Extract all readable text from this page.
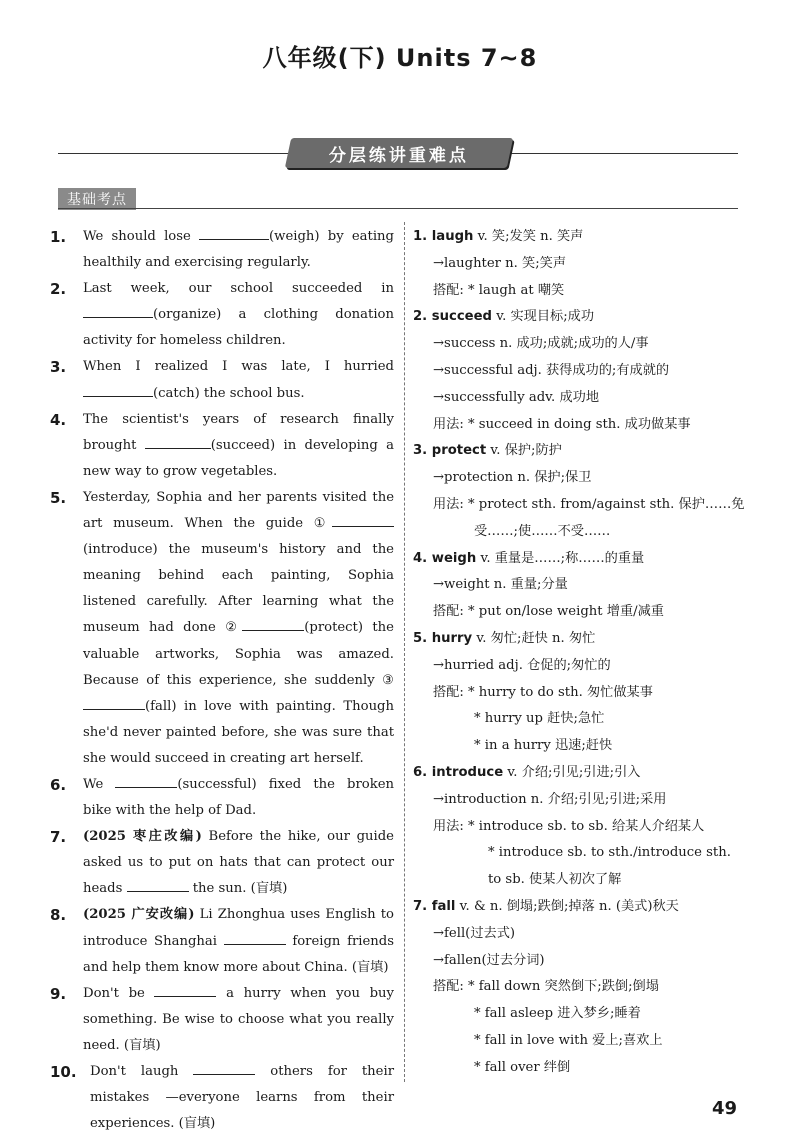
八年级(下) Units 7~8
分层练讲重难点
基础考点
1. We should lose	(weigh) by eating healthily and exercising regularly.
2. Last week, our school succeeded in (organize) a clothing donation activity for homeless children.
3. When I realized I was late, I hurried (catch) the school bus.
4. The scientist's years of research finally brought	(succeed) in developing a new way to grow vegetables.
5. Yesterday, Sophia and her parents visited the art museum. When the guide ①(introduce) the museum's history and the meaning behind each painting, Sophia listened carefully. After learning what the museum had done ②	(protect) the valuable artworks, Sophia was amazed. Because of this experience, she suddenly ③(fall) in love with painting. Though she'd never painted before, she was sure that she would succeed in creating art herself.
6. We	(successful) fixed the broken bike with the help of Dad.
7. (2025 枣庄改编) Before the hike, our guide asked us to put on hats that can protect our heads	the sun. (盲填)
8. (2025 广安改编) Li Zhonghua uses English to introduce Shanghai	foreign friends and help them know more about China. (盲填)
9. Don't be	a hurry when you buy something. Be wise to choose what you really need. (盲填)
10. Don't laugh	others for their mistakes —everyone learns from their experiences. (盲填)
1. laugh v. 笑;发笑 n. 笑声
→laughter n. 笑;笑声
搭配: * laugh at 嘲笑
2. succeed v. 实现目标;成功
→success n. 成功;成就;成功的人/事
→successful adj. 获得成功的;有成就的
→successfully adv. 成功地
用法: * succeed in doing sth. 成功做某事
3. protect v. 保护;防护
→protection n. 保护;保卫
用法: * protect sth. from/against sth. 保护……免
受……;使……不受……
4. weigh v. 重量是……;称……的重量
→weight n. 重量;分量
搭配: * put on/lose weight 增重/减重
5. hurry v. 匆忙;赶快 n. 匆忙
→hurried adj. 仓促的;匆忙的
搭配: * hurry to do sth. 匆忙做某事
* hurry up 赶快;急忙
* in a hurry 迅速;赶快
6. introduce v. 介绍;引见;引进;引入
→introduction n. 介绍;引见;引进;采用
用法: * introduce sb. to sb. 给某人介绍某人
* introduce sb. to sth./introduce sth. to sb. 使某人初次了解
7. fall v. & n. 倒塌;跌倒;掉落 n. (美式)秋天
→fell(过去式)
→fallen(过去分词)
搭配: * fall down 突然倒下;跌倒;倒塌
* fall asleep 进入梦乡;睡着
* fall in love with 爱上;喜欢上
* fall over 绊倒
49
